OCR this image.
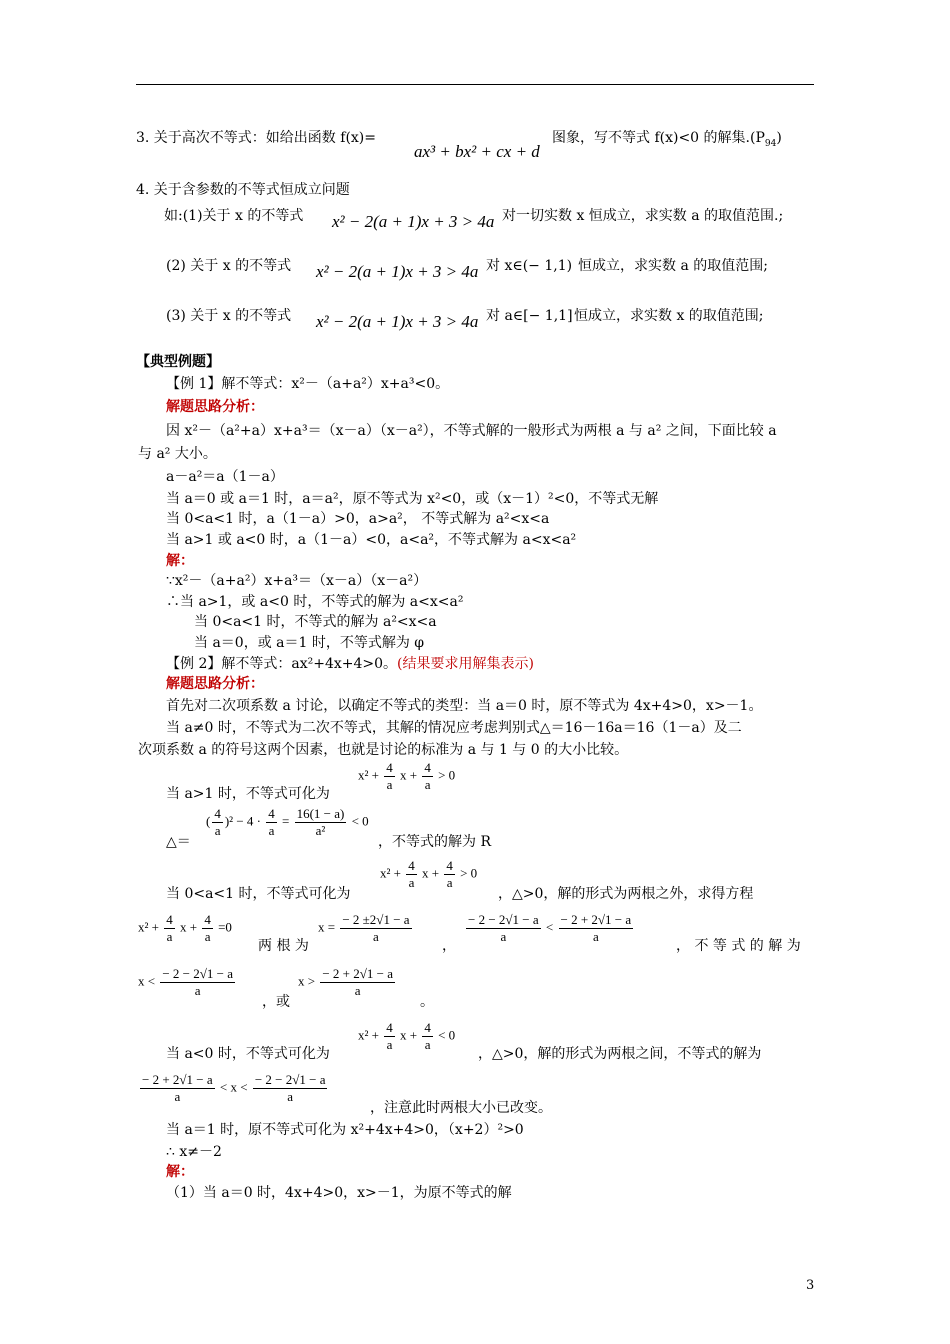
3. 关于高次不等式：如给出函数 f(x)=
ax³ + bx² + cx + d
图象，写不等式 f(x)<0 的解集$.(P_{94})$
4. 关于含参数的不等式恒成立问题
如:(1)关于 x 的不等式 x² − 2(a + 1)x + 3 > 4a 对一切实数 x 恒成立，求实数 a 的取值范围.;
(2) 关于 x 的不等式 x² − 2(a + 1)x + 3 > 4a 对 x∈(− 1,1) 恒成立，求实数 a 的取值范围;
(3) 关于 x 的不等式 x² − 2(a + 1)x + 3 > 4a 对 a∈[− 1,1] 恒成立，求实数 x 的取值范围;
【典型例题】
【例 1】解不等式：x²－（a+a²）x+a³<0。
解题思路分析：
因 x²－（a²+a）x+a³＝（x－a）（x－a²），不等式解的一般形式为两根 a 与 a² 之间，下面比较 a
与 a² 大小。
a－a²＝a（1－a）
当 a＝0 或 a＝1 时，a＝a²，原不等式为 x²<0，或（x－1）²<0，不等式无解
当 0<a<1 时，a（1－a）>0，a>a²， 不等式解为 a²<x<a
当 a>1 或 a<0 时，a（1－a）<0，a<a²，不等式解为 a<x<a²
解：
∵x²－（a+a²）x+a³＝（x－a）（x－a²）
∴当 a>1，或 a<0 时，不等式的解为 a<x<a²
当 0<a<1 时，不等式的解为 a²<x<a
当 a＝0，或 a＝1 时，不等式解为 φ
【例 2】解不等式：ax²+4x+4>0。(结果要求用解集表示)
解题思路分析：
首先对二次项系数 a 讨论，以确定不等式的类型：当 a＝0 时，原不等式为 4x+4>0，x>－1。
当 a≠0 时，不等式为二次不等式，其解的情况应考虑判别式△＝16－16a＝16（1－a）及二
次项系数 a 的符号这两个因素，也就是讨论的标准为 a 与 1 与 0 的大小比较。
$x^2 + \frac{4}{a}$ $x + \frac{4}{a} > 0$
当 a>1 时，不等式可化为
△＝
( $\frac{4}{a} )^2 - 4 \cdot \frac{4}{a} = \frac{16(1 - a)}{\text{a²}} < 0$
，不等式的解为 R
$x^2 + \frac{4}{a}$ $x + \frac{4}{a} > 0$
当 0<a<1 时，不等式可化为	，△>0，解的形式为两根之外，求得方程
$x^2 + \frac{4}{a}$ $x + \frac{4}{a} =0$
两 根 为
$x = \frac{- 2 \pm 2√1 - a}{a}$
，
$\frac{- 2 - 2√1 - a}{a} < \frac{- 2 + 2√1 - a}{a}$
， 不 等 式 的 解 为
$x < \frac{- 2 - 2√1 - a}{a}$
，或
$x > \frac{- 2 + 2√1 - a}{a}$
。
$x^2 + \frac{4}{a}$ $x + \frac{4}{a} < 0$
当 a<0 时，不等式可化为	，△>0，解的形式为两根之间，不等式的解为
$\frac{- 2 + 2√1 - a}{a} < x < \frac{- 2 - 2√1 - a}{a}$
，注意此时两根大小已改变。
当 a＝1 时，原不等式可化为 x²+4x+4>0，（x+2）²>0
∴ x≠－2
解：
（1）当 a＝0 时，4x+4>0，x>－1，为原不等式的解
3
